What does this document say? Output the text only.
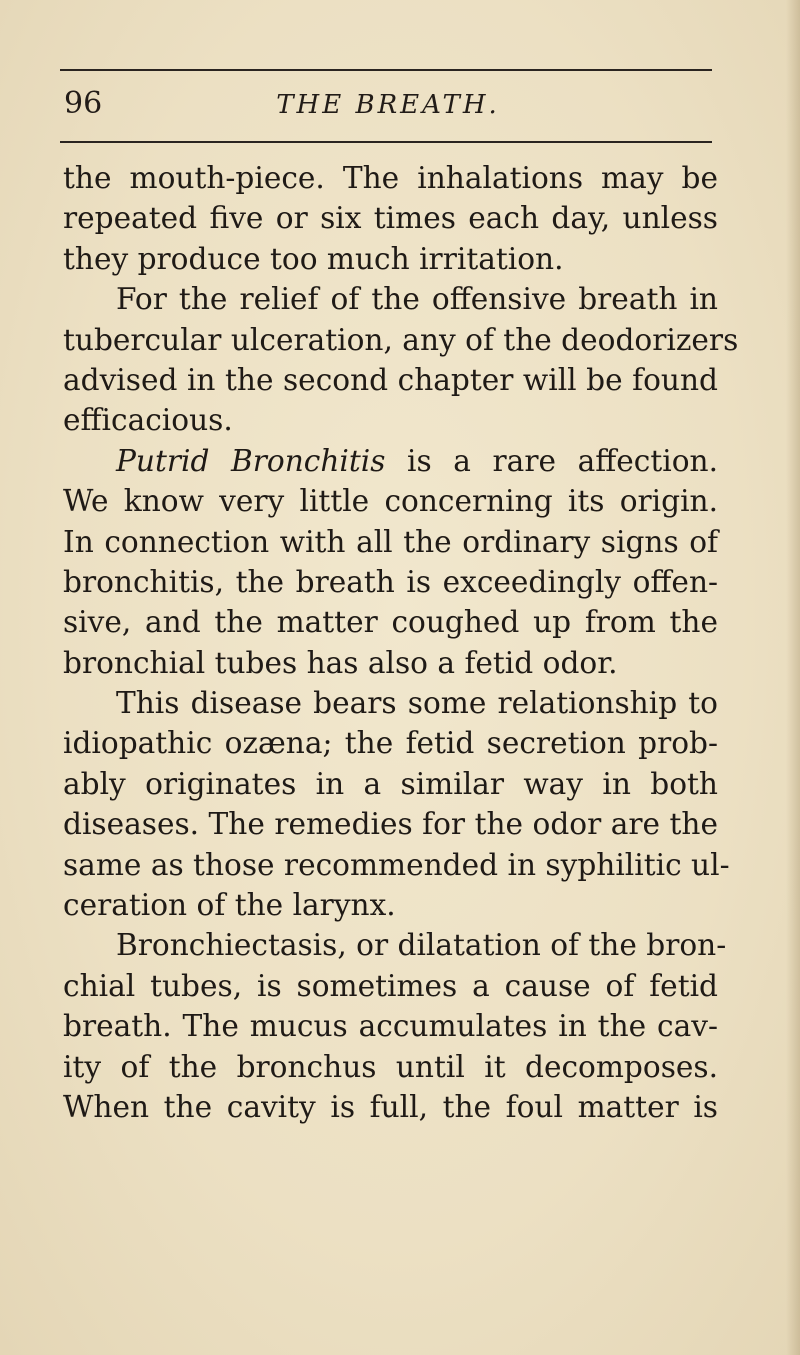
96	THE BREATH.
the mouth-piece. The inhalations may be
repeated five or six times each day, unless
they produce too much irritation.
For the relief of the offensive breath in
tubercular ulceration, any of the deodorizers
advised in the second chapter will be found
efficacious.
Putrid Bronchitis is a rare affection.
We know very little concerning its origin.
In connection with all the ordinary signs of
bronchitis, the breath is exceedingly offen-
sive, and the matter coughed up from the
bronchial tubes has also a fetid odor.
This disease bears some relationship to
idiopathic ozæna; the fetid secretion prob-
ably originates in a similar way in both
diseases. The remedies for the odor are the
same as those recommended in syphilitic ul-
ceration of the larynx.
Bronchiectasis, or dilatation of the bron-
chial tubes, is sometimes a cause of fetid
breath. The mucus accumulates in the cav-
ity of the bronchus until it decomposes.
When the cavity is full, the foul matter is
